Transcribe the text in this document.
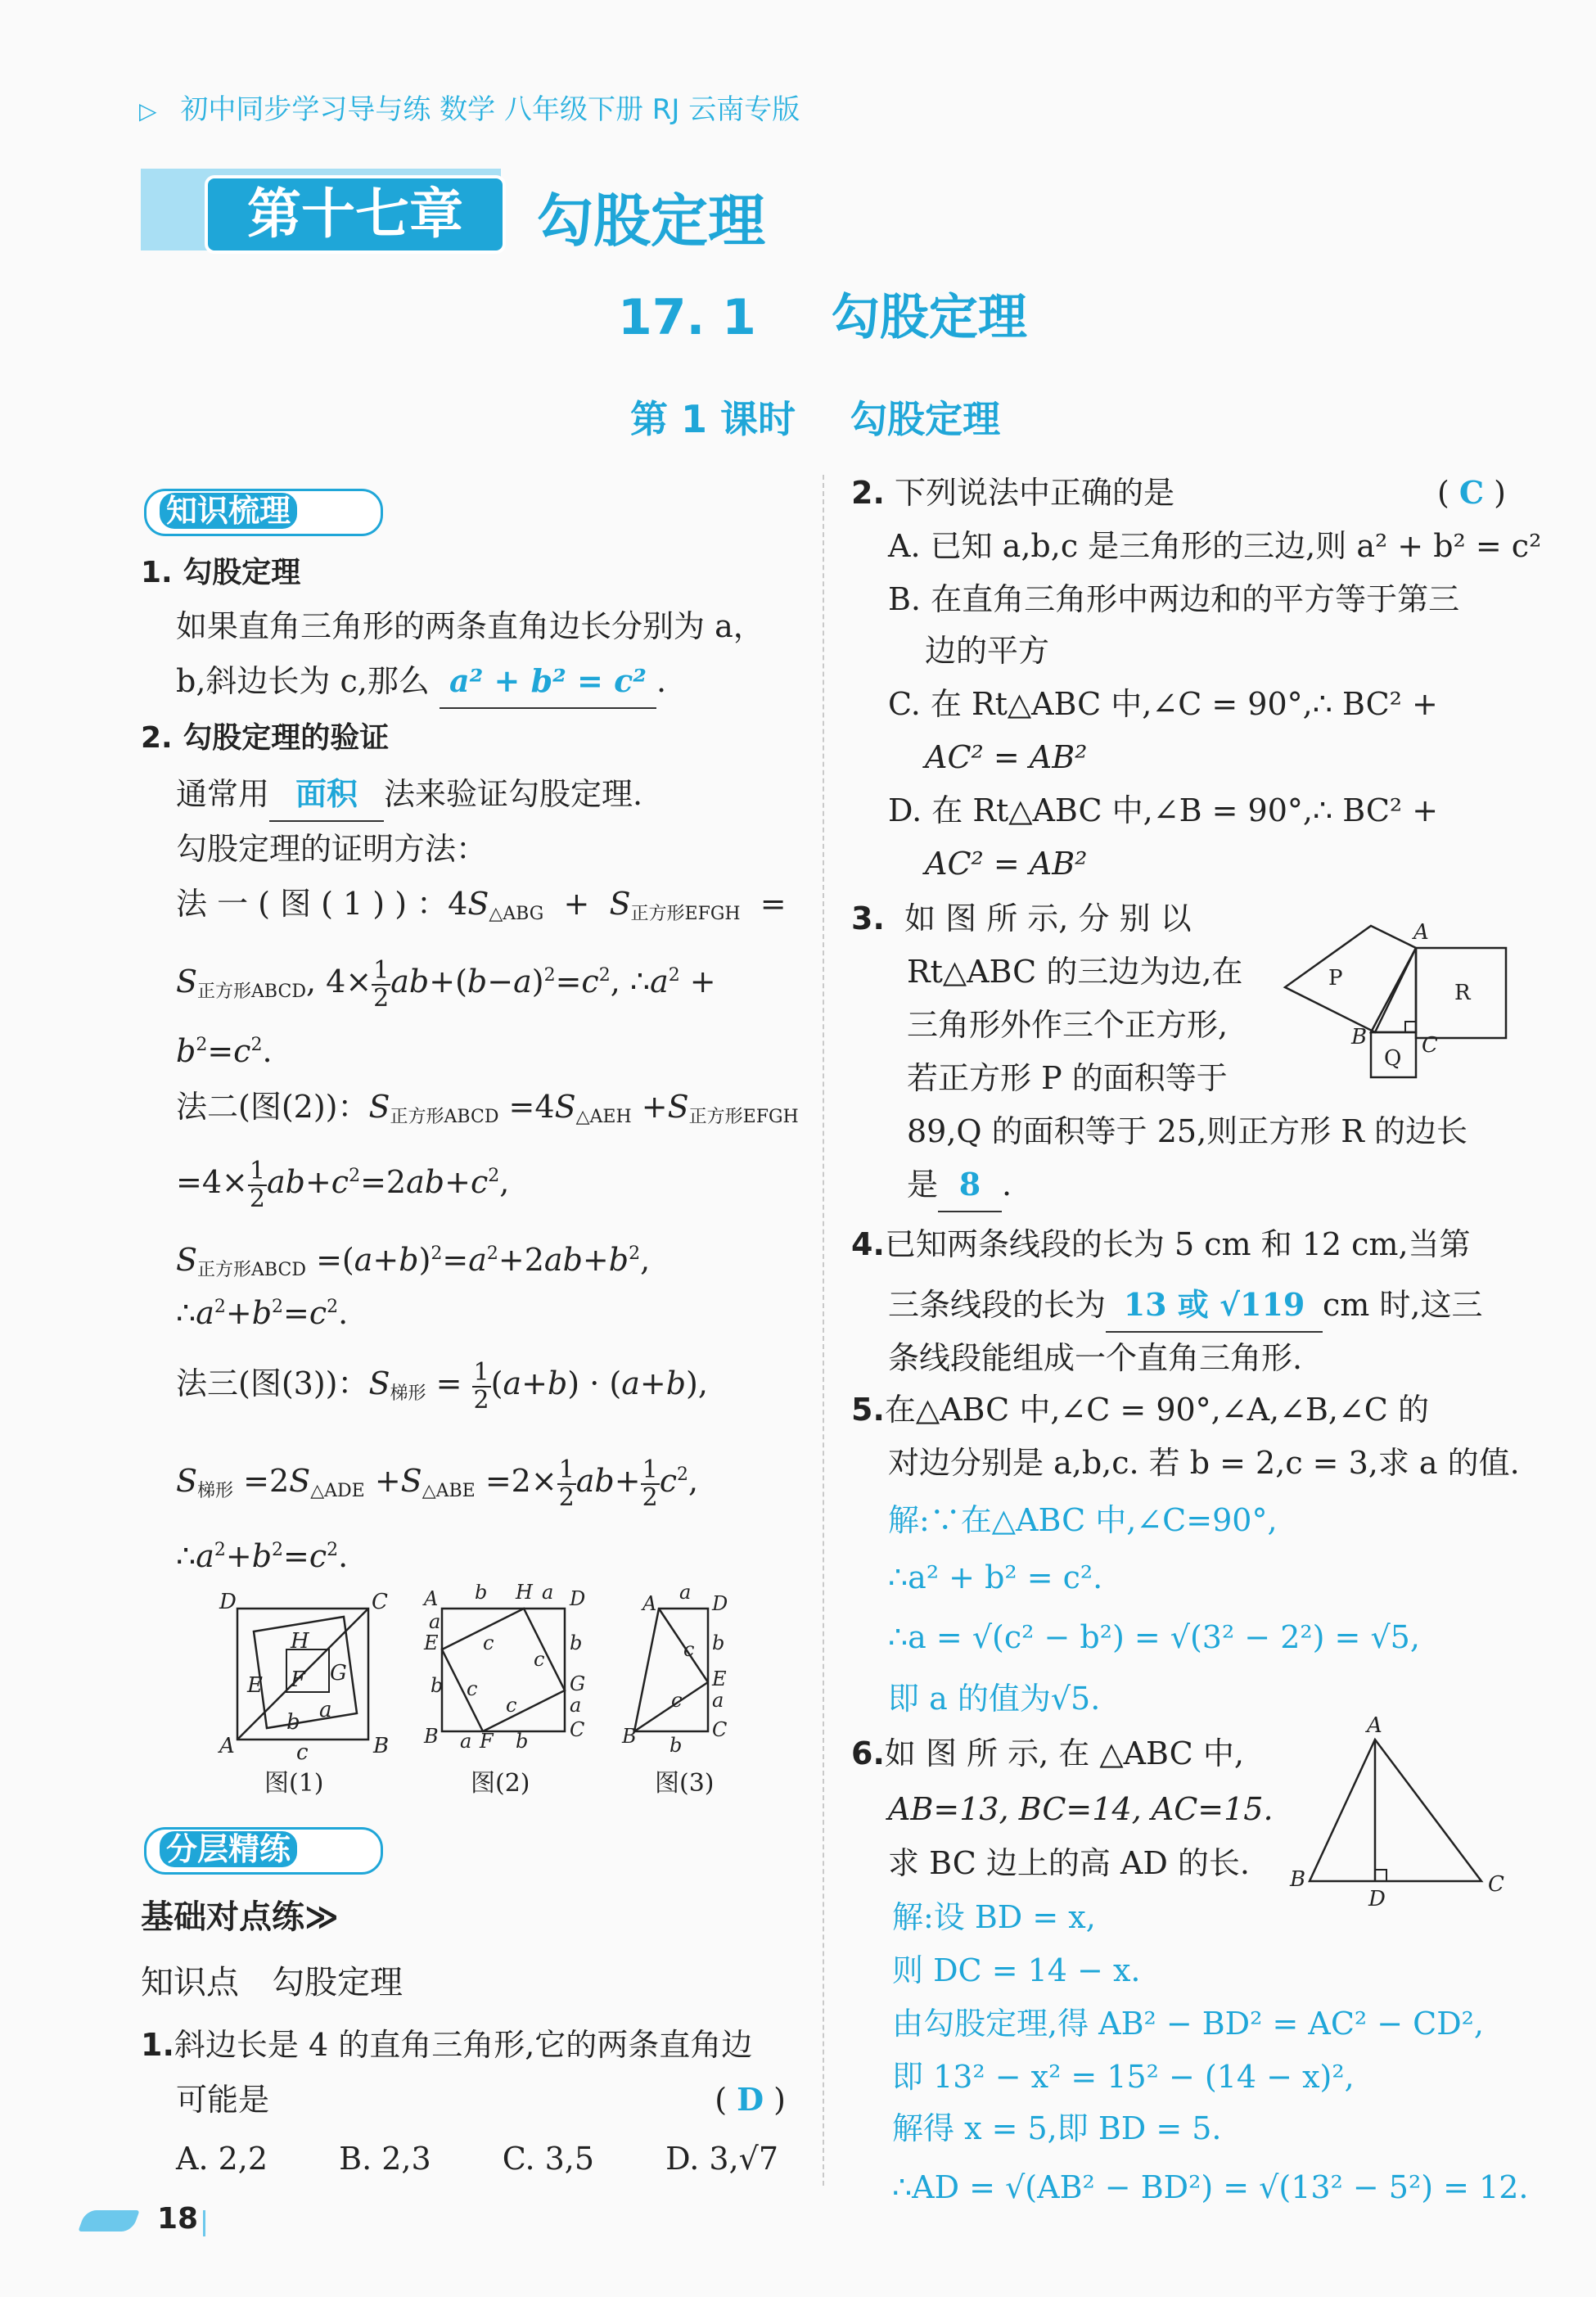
▷ 初中同步学习导与练 数学 八年级下册 RJ 云南专版
第十七章	勾股定理
17. 1 勾股定理
第 1 课时 勾股定理
知识梳理
1. 勾股定理
如果直角三角形的两条直角边长分别为 a，
b,斜边长为 c,那么 a² + b² = c² .
2. 勾股定理的验证
通常用 面积 法来验证勾股定理.
勾股定理的证明方法：
法 一 ( 图 ( 1 ) ) ：$4S_{\triangle ABG} + S_{正方形EFGH}$  =
$S_{正方形ABCD}$, $4\times \frac{1}{2} ab+(b-a)^2=c^2$, $\therefore a^2$ +
$b^2=c^2$.
法二(图(2))：$S_{正方形ABCD} =4S_{\triangle AEH} +S_{正方形EFGH}$
$=4\times \frac{1}{2} ab+c^2=2ab+c^2$,
$S_{正方形ABCD} =(a+b)^2=a^2+2ab+b^2$,
$\therefore a^2+b^2=c^2$.
法三(图(3))：$S_{梯形} = \frac{1}{2} (a+b) \cdot (a+b)$,
$S_{梯形} =2S_{\triangle ADE} +S_{\triangle ABE} =2\times \frac{1}{2} ab+ \frac{1}{2} c^2$,
$\therefore a^2+b^2=c^2$.
D	C
A	B
H
E F G
a
b
c
A b H a D
a
E
b
b
G
a
C
B a F b
c
c
c
c
A a D
b
E
a
C
B b
c
c
图(1)	图(2)	图(3)
分层精练
基础对点练≫
知识点　勾股定理
1.斜边长是 4 的直角三角形,它的两条直角边
可能是	( D )
A. 2,2 B. 2,3 C. 3,5 D. 3,√7
2. 下列说法中正确的是	( C )
A. 已知 a,b,c 是三角形的三边,则 a² + b² = c²
B. 在直角三角形中两边和的平方等于第三
边的平方
C. 在 Rt△ABC 中,∠C = 90°,∴ BC² +
AC² = AB²
D. 在 Rt△ABC 中,∠B = 90°,∴ BC² +
AC² = AB²
3. 如 图 所 示, 分 别 以
Rt△ABC 的三边为边,在
三角形外作三个正方形,
若正方形 P 的面积等于
89,Q 的面积等于 25,则正方形 R 的边长
是 8 .
P
R
Q
A
B	C
4.已知两条线段的长为 5 cm 和 12 cm,当第
三条线段的长为 13 或 √119 cm 时,这三
条线段能组成一个直角三角形.
5.在△ABC 中,∠C = 90°,∠A,∠B,∠C 的
对边分别是 a,b,c. 若 b = 2,c = 3,求 a 的值.
解:∵在△ABC 中,∠C=90°,
∴a² + b² = c².
∴a = √(c² − b²) = √(3² − 2²) = √5,
即 a 的值为√5.
6.如 图 所 示, 在 △ABC 中,
AB=13, BC=14, AC=15.
求 BC 边上的高 AD 的长.
解:设 BD = x,
则 DC = 14 − x.
由勾股定理,得 AB² − BD² = AC² − CD²,
即 13² − x² = 15² − (14 − x)²,
解得 x = 5,即 BD = 5.
∴AD = √(AB² − BD²) = √(13² − 5²) = 12.
A
B	C
D
18
